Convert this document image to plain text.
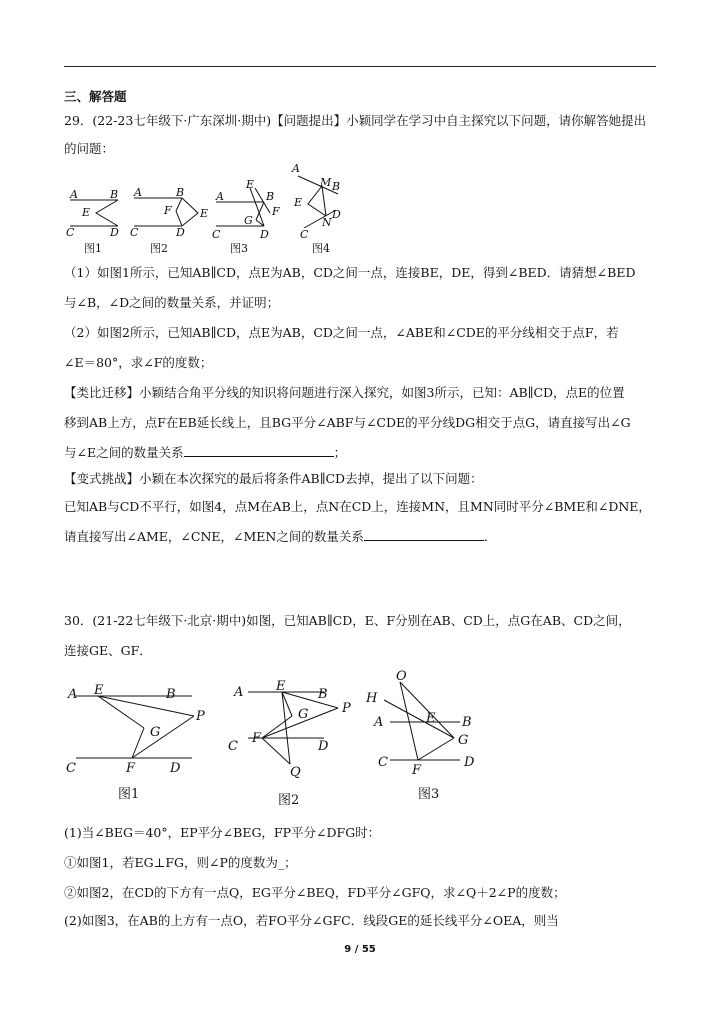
三、解答题
29．(22-23七年级下·广东深圳·期中)【问题提出】小颖同学在学习中自主探究以下问题，请你解答她提出
的问题：
A	B
E
C	D
图1
A	B
F	E
C	D
图2
A
E
B
F
G
C	D
图3
A
M B
E
N
D
C
图4
（1）如图1所示，已知AB∥CD，点E为AB，CD之间一点，连接BE，DE，得到∠BED．请猜想∠BED
与∠B，∠D之间的数量关系，并证明；
（2）如图2所示，已知AB∥CD，点E为AB，CD之间一点，∠ABE和∠CDE的平分线相交于点F，若
∠E＝80°，求∠F的度数；
【类比迁移】小颖结合角平分线的知识将问题进行深入探究，如图3所示，已知：AB∥CD，点E的位置
移到AB上方，点F在EB延长线上，且BG平分∠ABF与∠CDE的平分线DG相交于点G，请直接写出∠G
与∠E之间的数量关系	；
【变式挑战】小颖在本次探究的最后将条件AB∥CD去掉，提出了以下问题：
已知AB与CD不平行，如图4，点M在AB上，点N在CD上，连接MN，且MN同时平分∠BME和∠DNE，
请直接写出∠AME，∠CNE，∠MEN之间的数量关系	．
30．(21-22七年级下·北京·期中)如图，已知AB∥CD，E、F分别在AB、CD上，点G在AB、CD之间，
连接GE、GF．
A E	B
P
G
C	F	D
图1
A	E
B
G	P
C
F
D
Q
图2
O
H
A	E B
G
C
F
D
图3
(1)当∠BEG＝40°，EP平分∠BEG，FP平分∠DFG时：
①如图1，若EG⊥FG，则∠P的度数为_；
②如图2，在CD的下方有一点Q，EG平分∠BEQ，FD平分∠GFQ，求∠Q＋2∠P的度数；
(2)如图3，在AB的上方有一点O，若FO平分∠GFC．线段GE的延长线平分∠OEA，则当
9 / 55
